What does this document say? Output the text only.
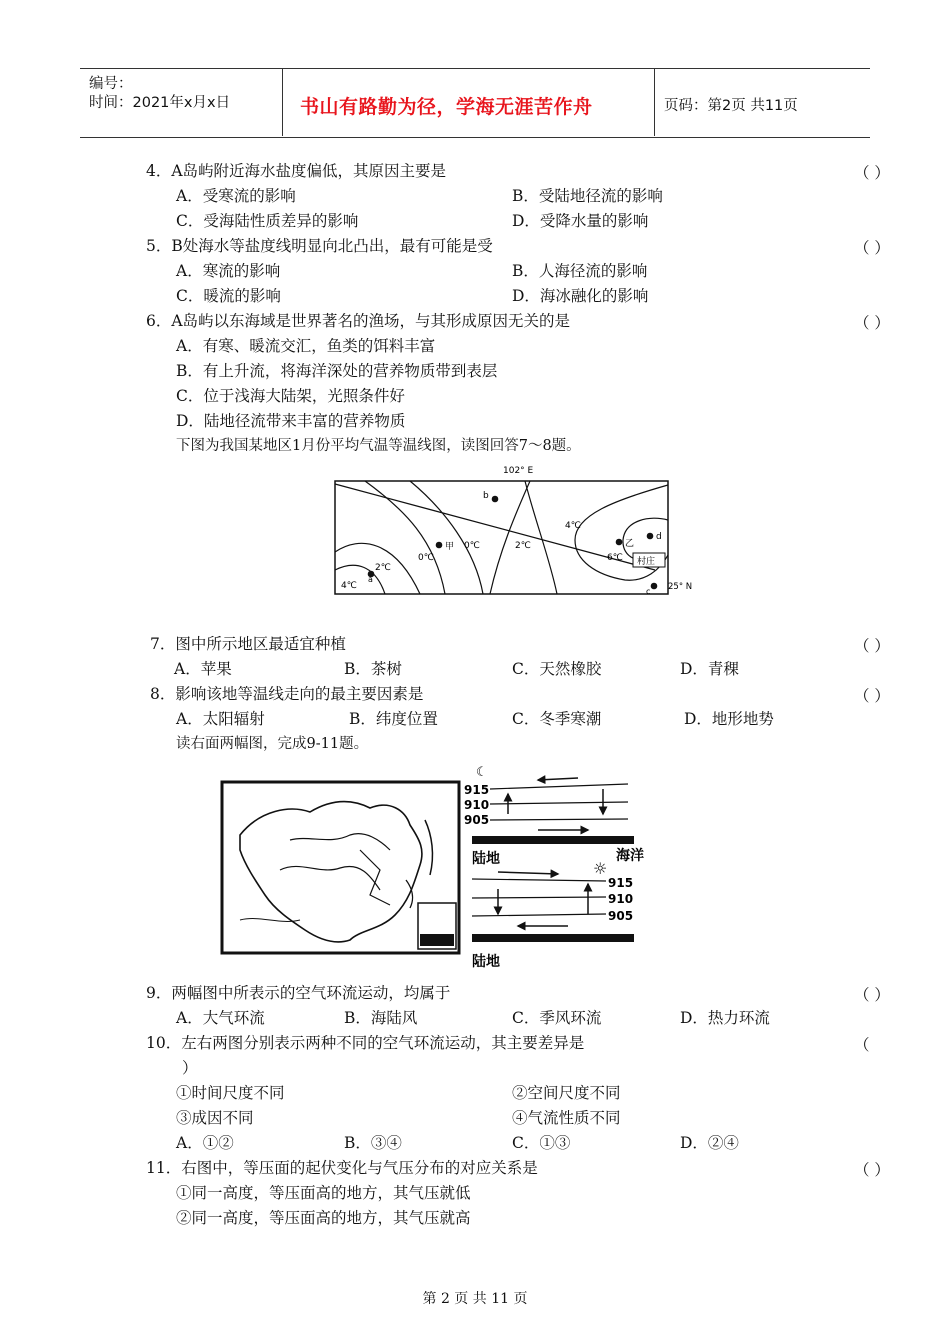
编号：
时间：2021年x月x日	书山有路勤为径，学海无涯苦作舟	页码：第2页 共11页
4．A岛屿附近海水盐度偏低，其原因主要是	（ ）
A．受寒流的影响	B．受陆地径流的影响
C．受海陆性质差异的影响	D．受降水量的影响
5．B处海水等盐度线明显向北凸出，最有可能是受	（ ）
A．寒流的影响	B．人海径流的影响
C．暖流的影响	D．海冰融化的影响
6．A岛屿以东海域是世界著名的渔场，与其形成原因无关的是	（ ）
A．有寒、暖流交汇，鱼类的饵料丰富
B．有上升流，将海洋深处的营养物质带到表层
C．位于浅海大陆架，光照条件好
D．陆地径流带来丰富的营养物质
下图为我国某地区1月份平均气温等温线图，读图回答7～8题。
102° E
0℃
0℃
2℃
2℃
4℃
4℃
6℃
a
b
c
d
甲	乙
村庄
25° N
7．图中所示地区最适宜种植	（ ）
A．苹果	B．茶树	C．天然橡胶	D．青稞
8．影响该地等温线走向的最主要因素是	（ ）
A．太阳辐射	B．纬度位置	C．冬季寒潮	D．地形地势
读右面两幅图，完成9-11题。
☾
915
910
905
陆地	海洋
☼
915
910
905
陆地
9．两幅图中所表示的空气环流运动，均属于	（ ）
A．大气环流	B．海陆风	C．季风环流	D．热力环流
10．左右两图分别表示两种不同的空气环流运动，其主要差异是	（
）
①时间尺度不同	②空间尺度不同
③成因不同	④气流性质不同
A．①②	B．③④	C．①③	D．②④
11．右图中，等压面的起伏变化与气压分布的对应关系是	（ ）
①同一高度，等压面高的地方，其气压就低
②同一高度，等压面高的地方，其气压就高
第 2 页 共 11 页
